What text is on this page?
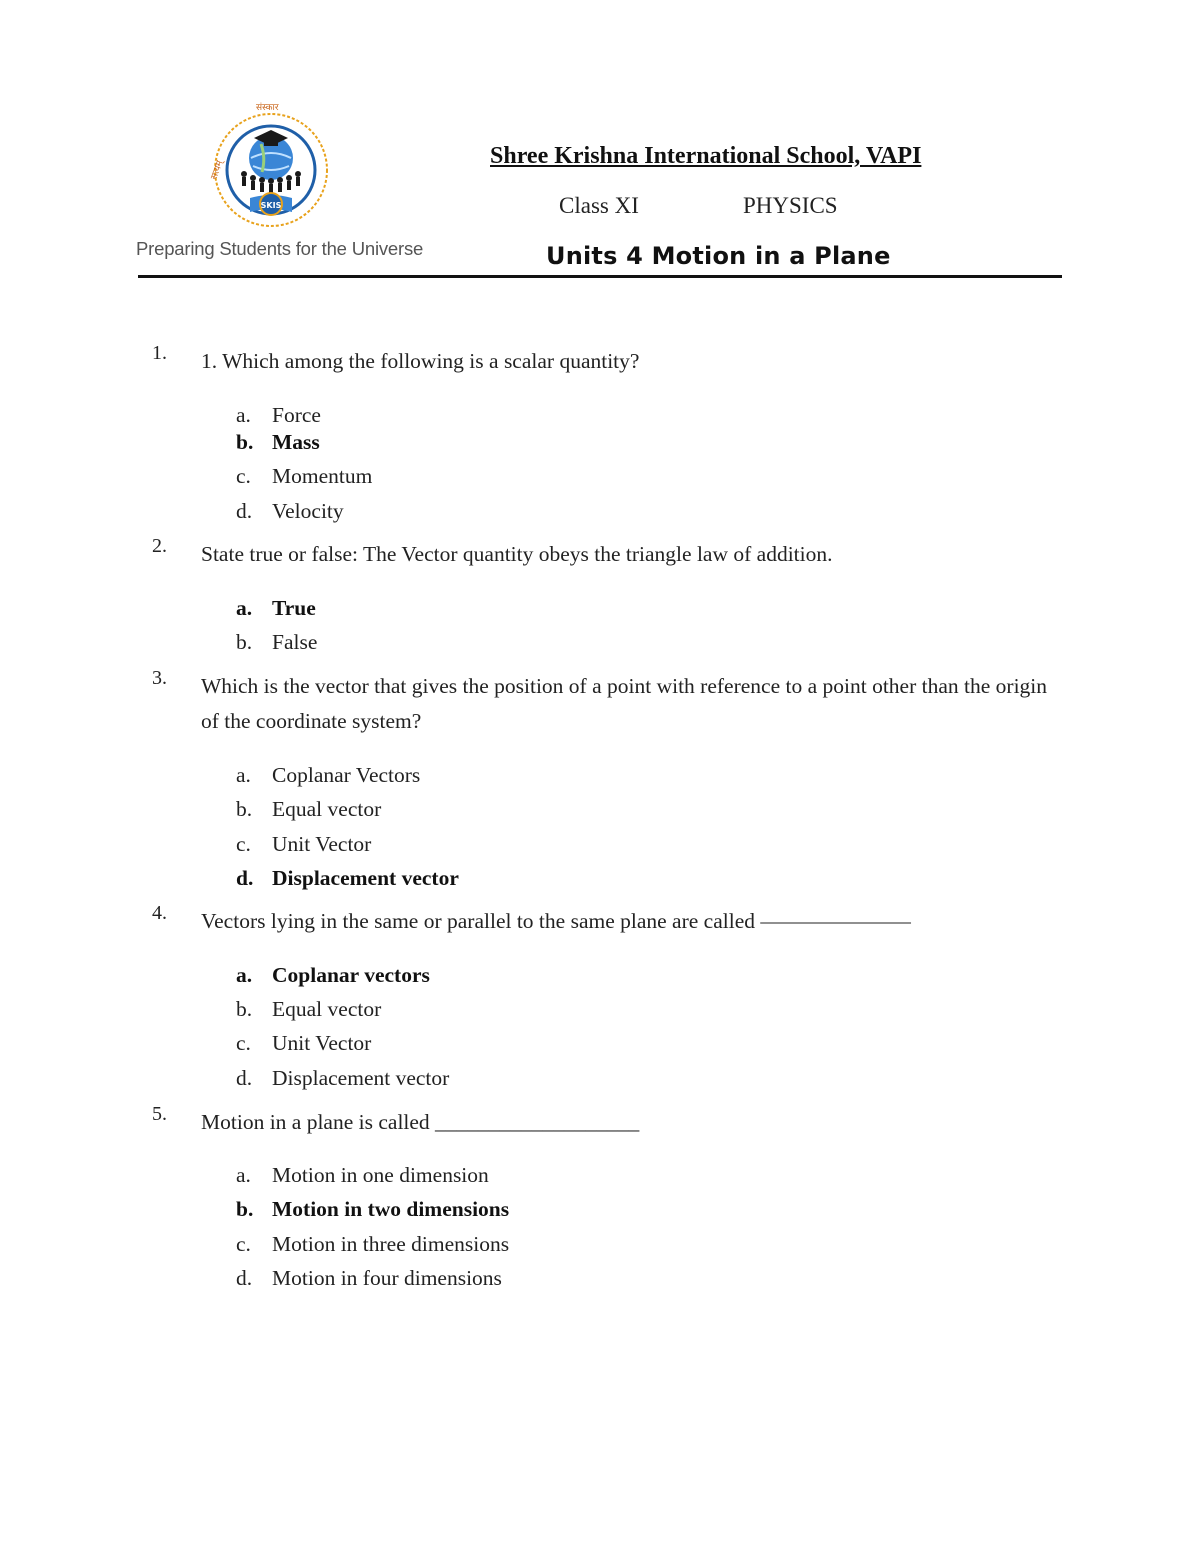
SKIS
सत्यम्
संस्कार
Preparing Students for the Universe
Shree Krishna International School, VAPI
Class XI	PHYSICS
Units 4 Motion in a Plane
1. 1. Which among the following is a scalar quantity?
a. Force
b. Mass
c. Momentum
d. Velocity
2. State true or false: The Vector quantity obeys the triangle law of addition.
a. True
b. False
3. Which is the vector that gives the position of a point with reference to a point other than the origin of the coordinate system?
a. Coplanar Vectors
b. Equal vector
c. Unit Vector
d. Displacement vector
4. Vectors lying in the same or parallel to the same plane are called ———————
a. Coplanar vectors
b. Equal vector
c. Unit Vector
d. Displacement vector
5. Motion in a plane is called ___________________
a. Motion in one dimension
b. Motion in two dimensions
c. Motion in three dimensions
d. Motion in four dimensions
